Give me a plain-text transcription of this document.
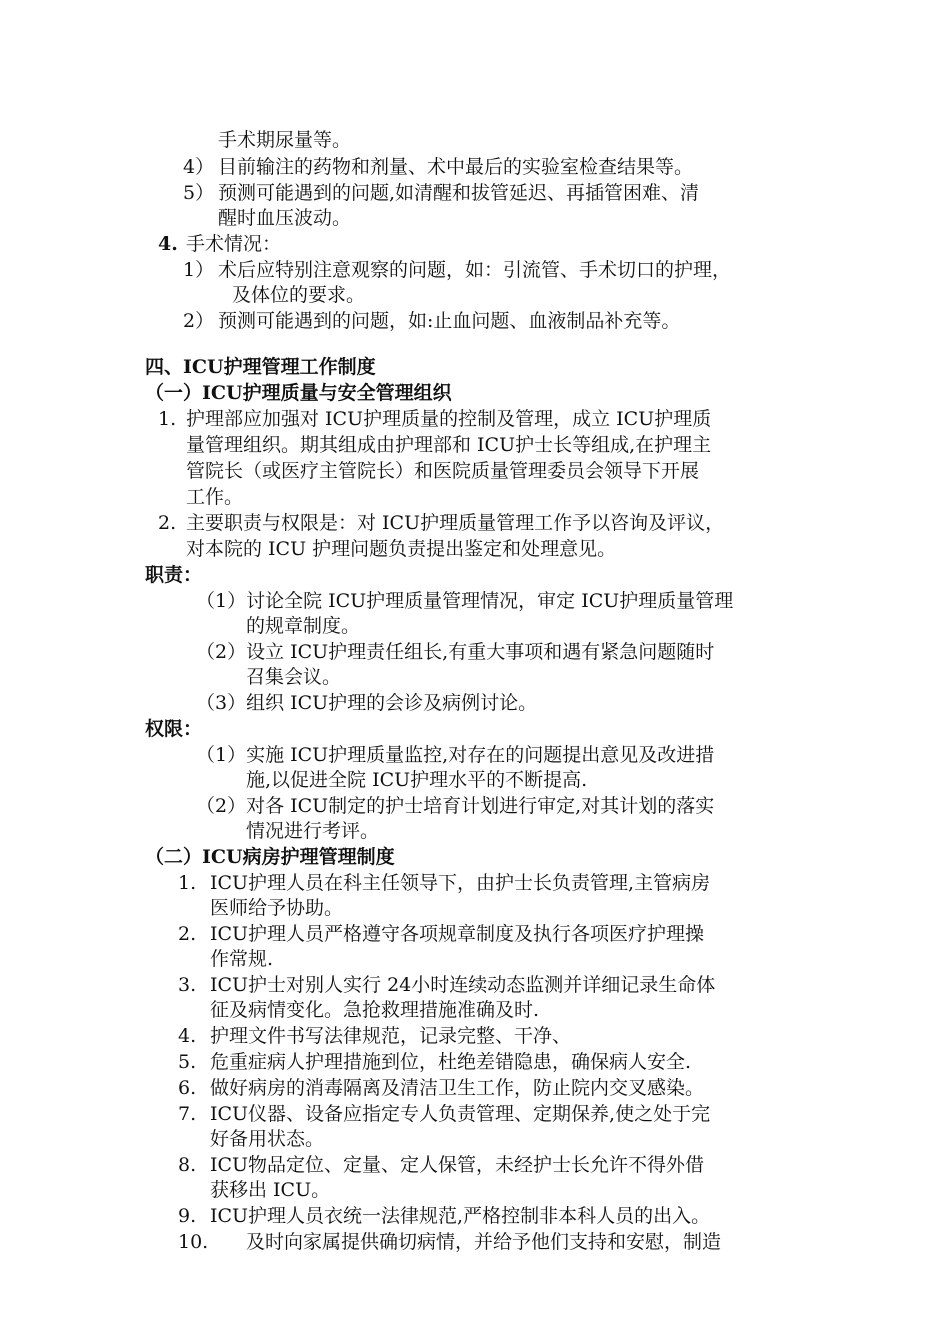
手术期尿量等。
4） 目前输注的药物和剂量、术中最后的实验室检查结果等。
5） 预测可能遇到的问题,如清醒和拔管延迟、再插管困难、清
醒时血压波动。
4. 手术情况：
1） 术后应特别注意观察的问题，如：引流管、手术切口的护理，
及体位的要求。
2） 预测可能遇到的问题，如:止血问题、血液制品补充等。
四、ICU护理管理工作制度
（一）ICU护理质量与安全管理组织
1. 护理部应加强对 ICU护理质量的控制及管理，成立 ICU护理质
量管理组织。期其组成由护理部和 ICU护士长等组成,在护理主
管院长（或医疗主管院长）和医院质量管理委员会领导下开展
工作。
2. 主要职责与权限是：对 ICU护理质量管理工作予以咨询及评议，
对本院的 ICU 护理问题负责提出鉴定和处理意见。
职责：
（1）讨论全院 ICU护理质量管理情况，审定 ICU护理质量管理
的规章制度。
（2）设立 ICU护理责任组长,有重大事项和遇有紧急问题随时
召集会议。
（3）组织 ICU护理的会诊及病例讨论。
权限：
（1）实施 ICU护理质量监控,对存在的问题提出意见及改进措
施,以促进全院 ICU护理水平的不断提高.
（2）对各 ICU制定的护士培育计划进行审定,对其计划的落实
情况进行考评。
（二）ICU病房护理管理制度
1. ICU护理人员在科主任领导下，由护士长负责管理,主管病房
医师给予协助。
2. ICU护理人员严格遵守各项规章制度及执行各项医疗护理操
作常规.
3. ICU护士对别人实行 24小时连续动态监测并详细记录生命体
征及病情变化。急抢救理措施准确及时.
4. 护理文件书写法律规范，记录完整、干净、
5. 危重症病人护理措施到位，杜绝差错隐患，确保病人安全.
6. 做好病房的消毒隔离及清洁卫生工作，防止院内交叉感染。
7. ICU仪器、设备应指定专人负责管理、定期保养,使之处于完
好备用状态。
8. ICU物品定位、定量、定人保管，未经护士长允许不得外借
获移出 ICU。
9. ICU护理人员衣统一法律规范,严格控制非本科人员的出入。
10. 及时向家属提供确切病情，并给予他们支持和安慰，制造
